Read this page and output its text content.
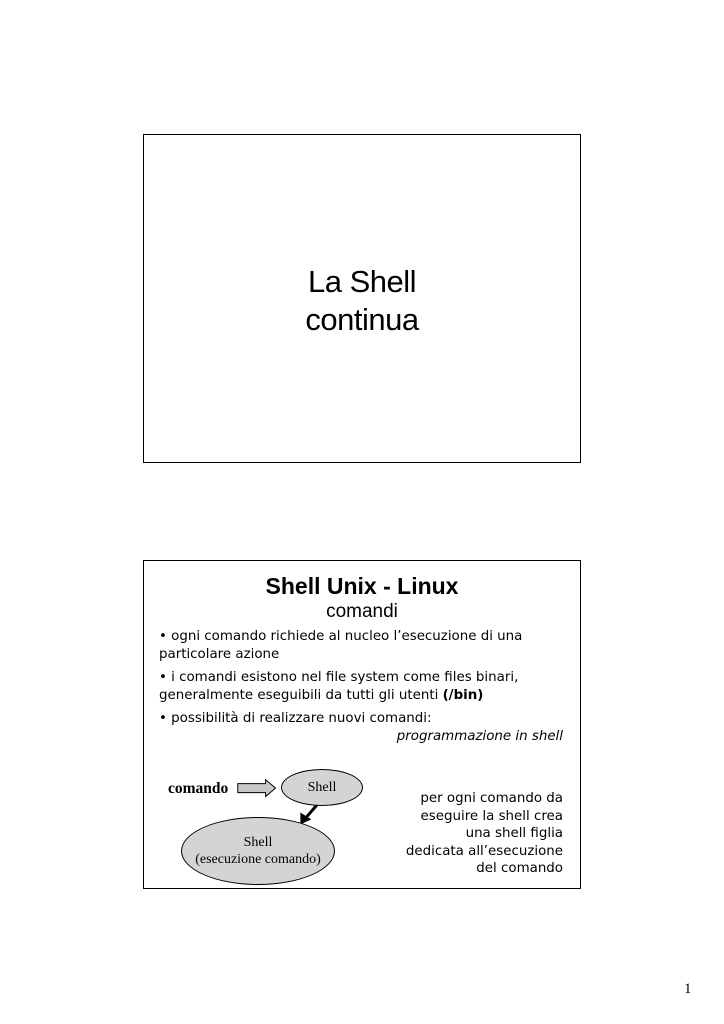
La Shell
continua
Shell Unix - Linux
comandi
• ogni comando richiede al nucleo l’esecuzione di una particolare azione
• i comandi esistono nel file system come files binari, generalmente eseguibili da tutti gli utenti (/bin)
• possibilità di realizzare nuovi comandi:
programmazione in shell
comando	Shell
Shell
(esecuzione comando)
per ogni comando da
eseguire la shell crea
una shell figlia
dedicata all’esecuzione
del comando
1
